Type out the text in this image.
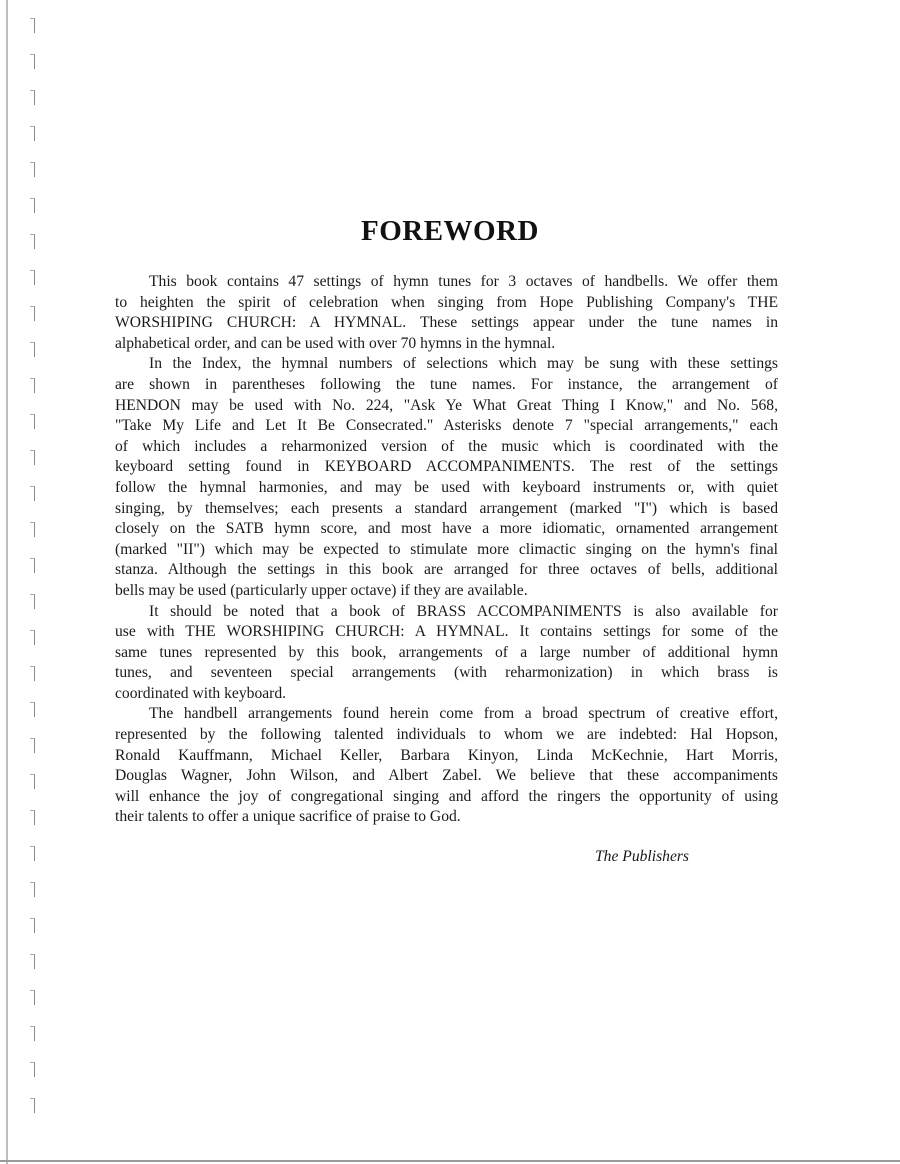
FOREWORD
This book contains 47 settings of hymn tunes for 3 octaves of handbells. We offer them
to heighten the spirit of celebration when singing from Hope Publishing Company's THE
WORSHIPING CHURCH: A HYMNAL. These settings appear under the tune names in
alphabetical order, and can be used with over 70 hymns in the hymnal.
In the Index, the hymnal numbers of selections which may be sung with these settings
are shown in parentheses following the tune names. For instance, the arrangement of
HENDON may be used with No. 224, "Ask Ye What Great Thing I Know," and No. 568,
"Take My Life and Let It Be Consecrated." Asterisks denote 7 "special arrangements," each
of which includes a reharmonized version of the music which is coordinated with the
keyboard setting found in KEYBOARD ACCOMPANIMENTS. The rest of the settings
follow the hymnal harmonies, and may be used with keyboard instruments or, with quiet
singing, by themselves; each presents a standard arrangement (marked "I") which is based
closely on the SATB hymn score, and most have a more idiomatic, ornamented arrangement
(marked "II") which may be expected to stimulate more climactic singing on the hymn's final
stanza. Although the settings in this book are arranged for three octaves of bells, additional
bells may be used (particularly upper octave) if they are available.
It should be noted that a book of BRASS ACCOMPANIMENTS is also available for
use with THE WORSHIPING CHURCH: A HYMNAL. It contains settings for some of the
same tunes represented by this book, arrangements of a large number of additional hymn
tunes, and seventeen special arrangements (with reharmonization) in which brass is
coordinated with keyboard.
The handbell arrangements found herein come from a broad spectrum of creative effort,
represented by the following talented individuals to whom we are indebted: Hal Hopson,
Ronald Kauffmann, Michael Keller, Barbara Kinyon, Linda McKechnie, Hart Morris,
Douglas Wagner, John Wilson, and Albert Zabel. We believe that these accompaniments
will enhance the joy of congregational singing and afford the ringers the opportunity of using
their talents to offer a unique sacrifice of praise to God.
The Publishers
